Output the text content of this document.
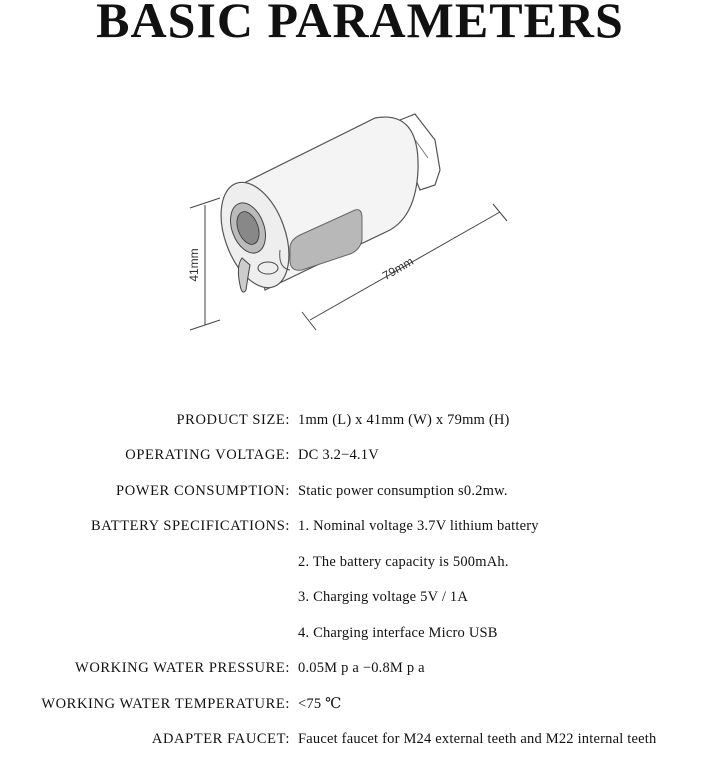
BASIC PARAMETERS
41mm	79mm
PRODUCT SIZE: 1mm (L) x 41mm (W) x 79mm (H)
OPERATING VOLTAGE: DC 3.2−4.1V
POWER CONSUMPTION: Static power consumption s0.2mw.
BATTERY SPECIFICATIONS: 1. Nominal voltage 3.7V lithium battery
2. The battery capacity is 500mAh.
3. Charging voltage 5V / 1A
4. Charging interface Micro USB
WORKING WATER PRESSURE: 0.05M p a −0.8M p a
WORKING WATER TEMPERATURE: <75 ℃
ADAPTER FAUCET: Faucet faucet for M24 external teeth and M22 internal teeth
